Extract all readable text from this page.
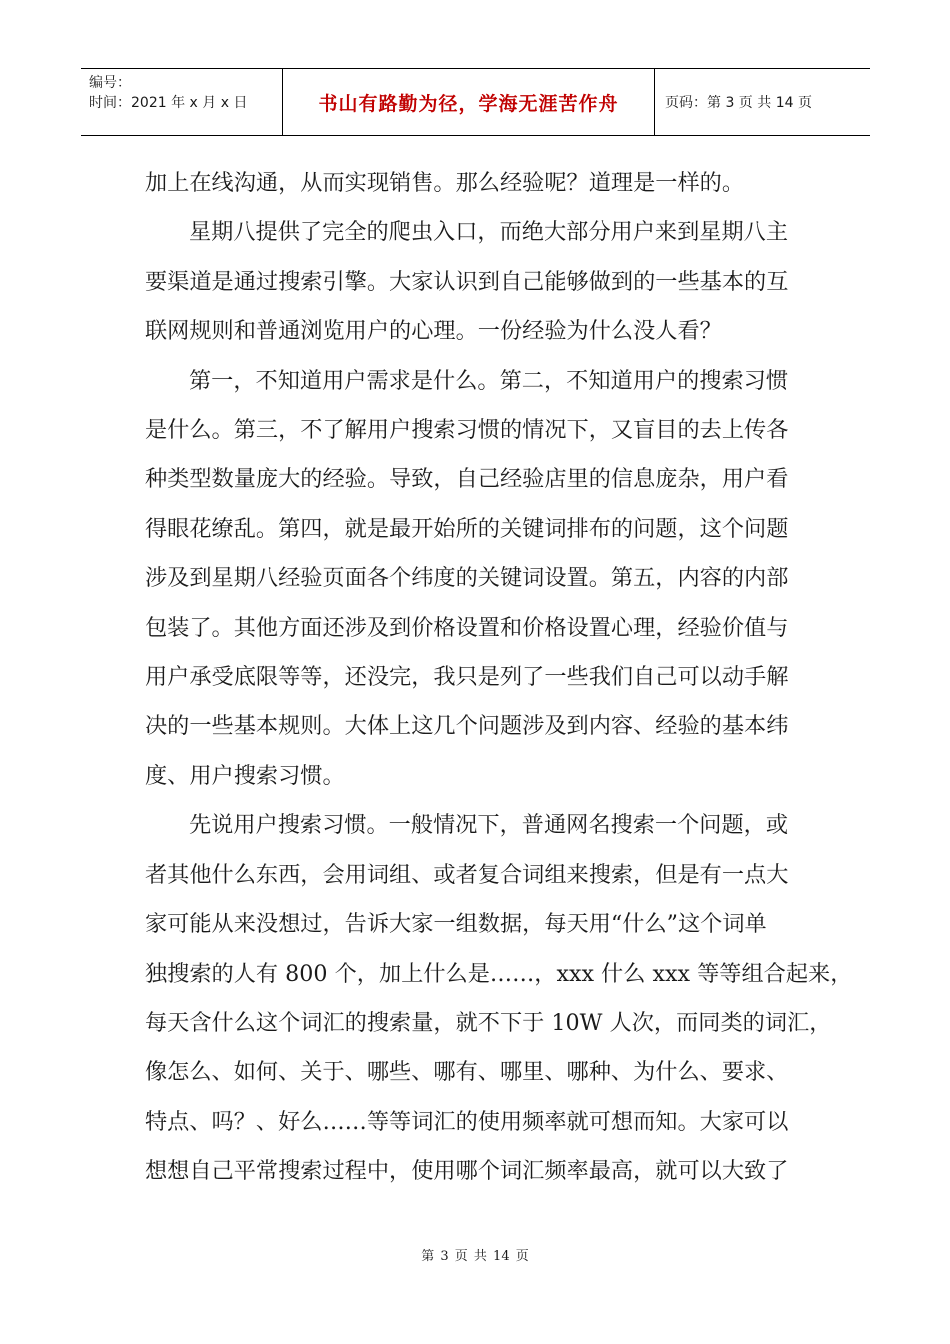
编号：
时间：2021 年 x 月 x 日	书山有路勤为径，学海无涯苦作舟	页码：第 3 页 共 14 页

加上在线沟通，从而实现销售。那么经验呢？道理是一样的。

星期八提供了完全的爬虫入口，而绝大部分用户来到星期八主

要渠道是通过搜索引擎。大家认识到自己能够做到的一些基本的互

联网规则和普通浏览用户的心理。一份经验为什么没人看？

第一，不知道用户需求是什么。第二，不知道用户的搜索习惯

是什么。第三，不了解用户搜索习惯的情况下，又盲目的去上传各

种类型数量庞大的经验。导致，自己经验店里的信息庞杂，用户看

得眼花缭乱。第四，就是最开始所的关键词排布的问题，这个问题

涉及到星期八经验页面各个纬度的关键词设置。第五，内容的内部

包装了。其他方面还涉及到价格设置和价格设置心理，经验价值与

用户承受底限等等，还没完，我只是列了一些我们自己可以动手解

决的一些基本规则。大体上这几个问题涉及到内容、经验的基本纬

度、用户搜索习惯。

先说用户搜索习惯。一般情况下，普通网名搜索一个问题，或

者其他什么东西，会用词组、或者复合词组来搜索，但是有一点大

家可能从来没想过，告诉大家一组数据，每天用“什么”这个词单

独搜索的人有 800 个，加上什么是……，xxx 什么 xxx 等等组合起来，

每天含什么这个词汇的搜索量，就不下于 10W 人次，而同类的词汇，

像怎么、如何、关于、哪些、哪有、哪里、哪种、为什么、要求、

特点、吗？、好么……等等词汇的使用频率就可想而知。大家可以

想想自己平常搜索过程中，使用哪个词汇频率最高，就可以大致了

第 3 页 共 14 页
